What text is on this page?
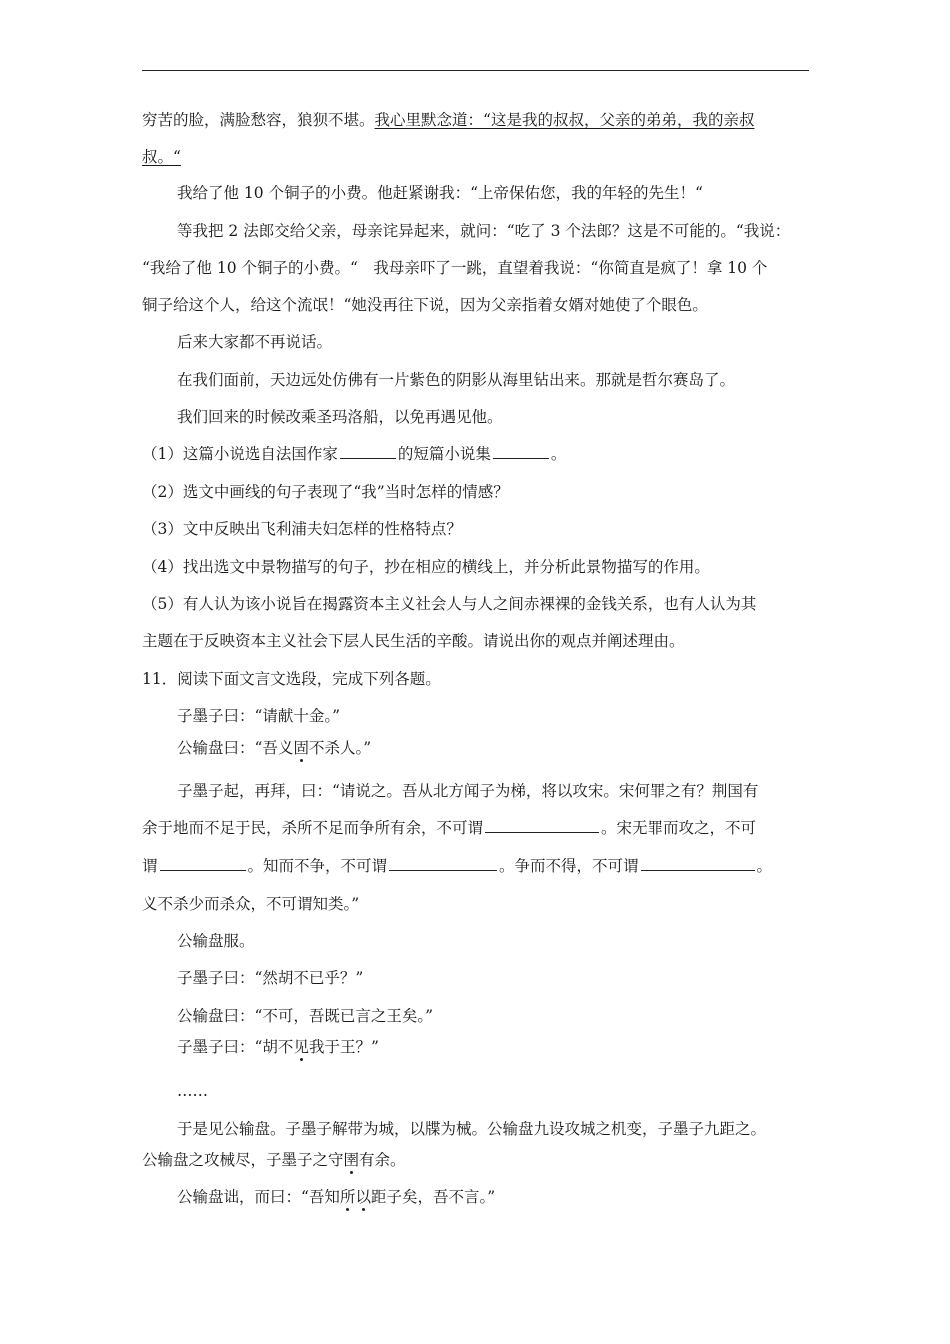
穷苦的脸，满脸愁容，狼狈不堪。我心里默念道：“这是我的叔叔，父亲的弟弟，我的亲叔
叔。“
我给了他 10 个铜子的小费。他赶紧谢我：“上帝保佑您，我的年轻的先生！“
等我把 2 法郎交给父亲，母亲诧异起来，就问：“吃了 3 个法郎？这是不可能的。“我说：
“我给了他 10 个铜子的小费。“　我母亲吓了一跳，直望着我说：“你简直是疯了！拿 10 个
铜子给这个人，给这个流氓！“她没再往下说，因为父亲指着女婿对她使了个眼色。
后来大家都不再说话。
在我们面前，天边远处仿佛有一片紫色的阴影从海里钻出来。那就是哲尔赛岛了。
我们回来的时候改乘圣玛洛船，以免再遇见他。
（1）这篇小说选自法国作家	的短篇小说集	。
（2）选文中画线的句子表现了“我”当时怎样的情感？
（3）文中反映出飞利浦夫妇怎样的性格特点？
（4）找出选文中景物描写的句子，抄在相应的横线上，并分析此景物描写的作用。
（5）有人认为该小说旨在揭露资本主义社会人与人之间赤裸裸的金钱关系，也有人认为其
主题在于反映资本主义社会下层人民生活的辛酸。请说出你的观点并阐述理由。
11．阅读下面文言文选段，完成下列各题。
子墨子曰：“请献十金。”
公输盘曰：“吾义固不杀人。”
子墨子起，再拜，曰：“请说之。吾从北方闻子为梯，将以攻宋。宋何罪之有？荆国有
余于地而不足于民，杀所不足而争所有余，不可谓	。宋无罪而攻之，不可
谓	。知而不争，不可谓	。争而不得，不可谓	。
义不杀少而杀众，不可谓知类。”
公输盘服。
子墨子曰：“然胡不已乎？”
公输盘曰：“不可，吾既已言之王矣。”
子墨子曰：“胡不见我于王？”
……
于是见公输盘。子墨子解带为城，以牒为械。公输盘九设攻城之机变，子墨子九距之。
公输盘之攻械尽，子墨子之守圉有余。
公输盘诎，而曰：“吾知所以距子矣，吾不言。”
